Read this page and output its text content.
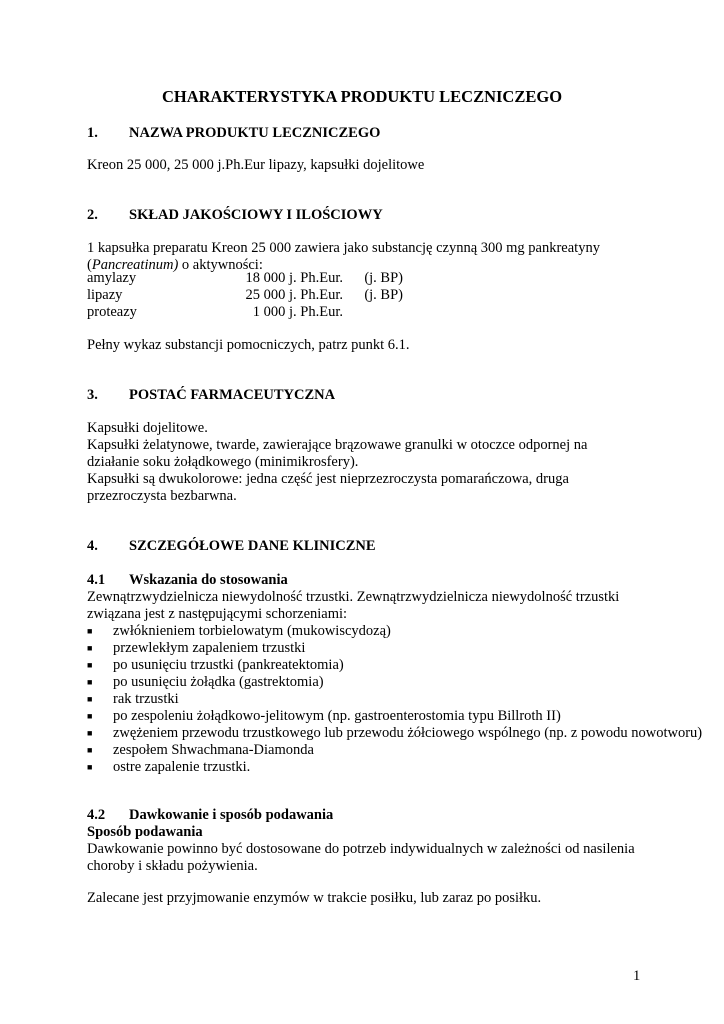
CHARAKTERYSTYKA PRODUKTU LECZNICZEGO
1. NAZWA PRODUKTU LECZNICZEGO
Kreon 25 000, 25 000 j.Ph.Eur lipazy, kapsułki dojelitowe
2. SKŁAD JAKOŚCIOWY I ILOŚCIOWY
1 kapsułka preparatu Kreon 25 000 zawiera jako substancję czynną 300 mg pankreatyny
(Pancreatinum) o aktywności:
amylazy	18 000 j. Ph.Eur.	(j. BP)
lipazy	25 000 j. Ph.Eur.	(j. BP)
proteazy	1 000 j. Ph.Eur.	
Pełny wykaz substancji pomocniczych, patrz punkt 6.1.
3. POSTAĆ FARMACEUTYCZNA
Kapsułki dojelitowe.
Kapsułki żelatynowe, twarde, zawierające brązowawe granulki w otoczce odpornej na
działanie soku żołądkowego (minimikrosfery).
Kapsułki są dwukolorowe: jedna część jest nieprzezroczysta pomarańczowa, druga
przezroczysta bezbarwna.
4. SZCZEGÓŁOWE DANE KLINICZNE
4.1 Wskazania do stosowania
Zewnątrzwydzielnicza niewydolność trzustki. Zewnątrzwydzielnicza niewydolność trzustki
związana jest z następującymi schorzeniami:
■ zwłóknieniem torbielowatym (mukowiscydozą)
■ przewlekłym zapaleniem trzustki
■ po usunięciu trzustki (pankreatektomia)
■ po usunięciu żołądka (gastrektomia)
■ rak trzustki
■ po zespoleniu żołądkowo-jelitowym (np. gastroenterostomia typu Billroth II)
■ zwężeniem przewodu trzustkowego lub przewodu żółciowego wspólnego (np. z powodu nowotworu)
■ zespołem Shwachmana-Diamonda
■ ostre zapalenie trzustki.
4.2 Dawkowanie i sposób podawania
Sposób podawania
Dawkowanie powinno być dostosowane do potrzeb indywidualnych w zależności od nasilenia
choroby i składu pożywienia.
Zalecane jest przyjmowanie enzymów w trakcie posiłku, lub zaraz po posiłku.
1
